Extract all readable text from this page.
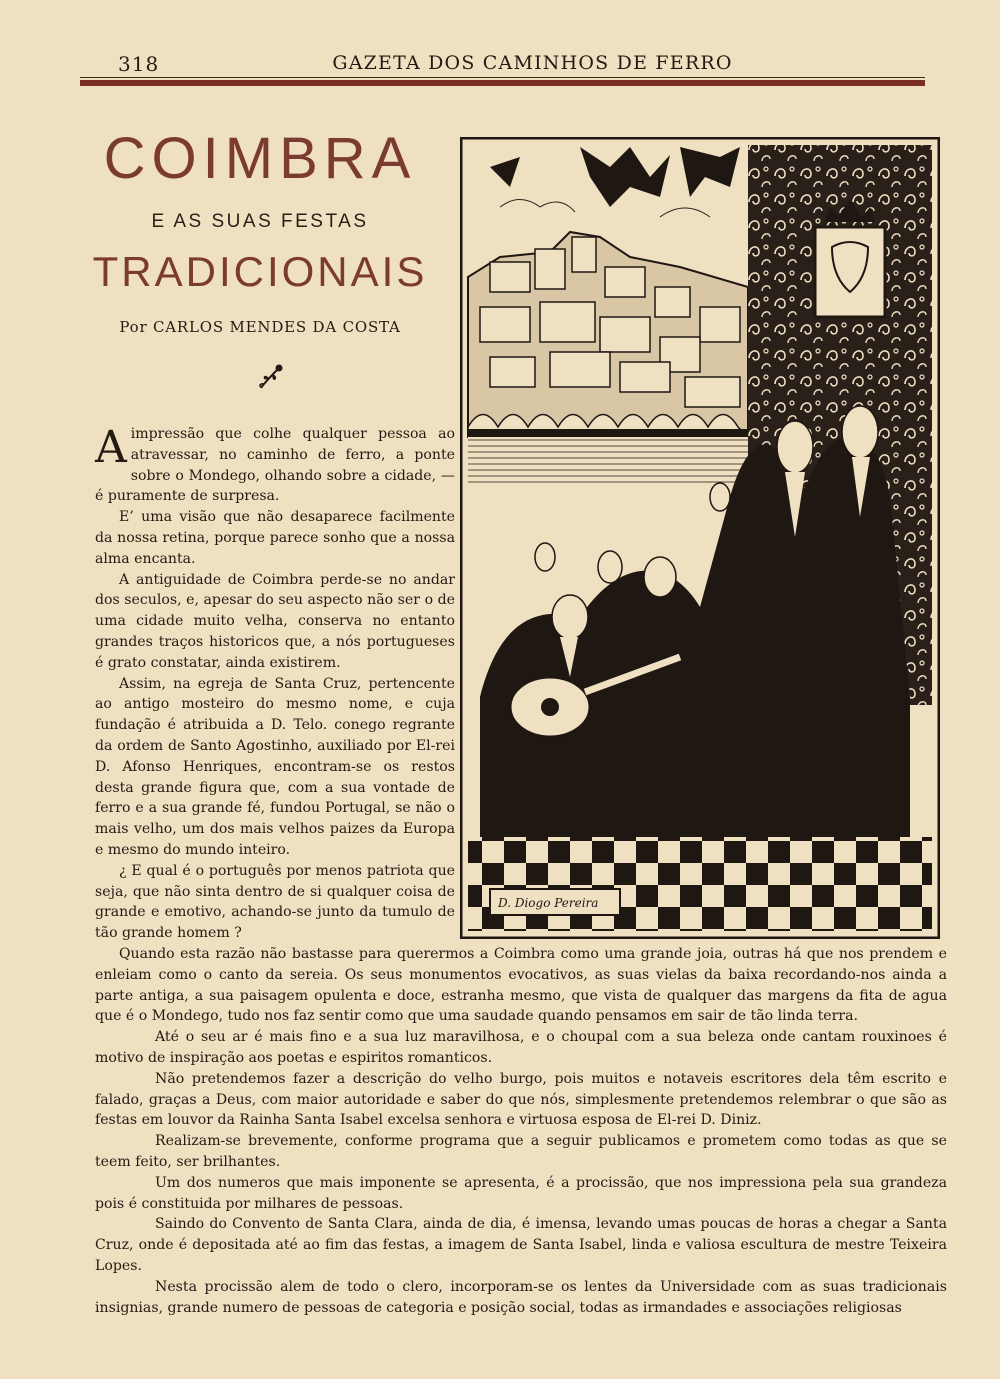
318	GAZETA DOS CAMINHOS DE FERRO
COIMBRA
E AS SUAS FESTAS
TRADICIONAIS
Por CARLOS MENDES DA COSTA
D. Diogo Pereira

Aimpressão que colhe qualquer pessoa ao atravessar, no caminho de ferro, a ponte sobre o Mondego, olhando sobre a cidade, — é puramente de surpresa.

E’ uma visão que não desaparece facilmente da nossa retina, porque parece sonho que a nossa alma encanta.

A antiguidade de Coimbra perde-se no andar dos seculos, e, apesar do seu aspecto não ser o de uma cidade muito velha, conserva no entanto grandes traços historicos que, a nós portugueses é grato constatar, ainda existirem.

Assim, na egreja de Santa Cruz, pertencente ao antigo mosteiro do mesmo nome, e cuja fundação é atribuida a D. Telo. conego regrante da ordem de Santo Agostinho, auxiliado por El-rei D. Afonso Henriques, encontram-se os restos desta grande figura que, com a sua vontade de ferro e a sua grande fé, fundou Portugal, se não o mais velho, um dos mais velhos paizes da Europa e mesmo do mundo inteiro.

¿ E qual é o português por menos patriota que seja, que não sinta dentro de si qualquer coisa de grande e emotivo, achando-se junto da tumulo de tão grande homem ?

Quando esta razão não bastasse para querermos a Coimbra como uma grande joia, outras há que nos prendem e enleiam como o canto da sereia. Os seus monumentos evocativos, as suas vielas da baixa recordando-nos ainda a parte antiga, a sua paisagem opulenta e doce, estranha mesmo, que vista de qualquer das margens da fita de agua que é o Mondego, tudo nos faz sentir como que uma saudade quando pensamos em sair de tão linda terra.

Até o seu ar é mais fino e a sua luz maravilhosa, e o choupal com a sua beleza onde cantam rouxinoes é motivo de inspiração aos poetas e espiritos romanticos.

Não pretendemos fazer a descrição do velho burgo, pois muitos e notaveis escritores dela têm escrito e falado, graças a Deus, com maior autoridade e saber do que nós, simplesmente pretendemos relembrar o que são as festas em louvor da Rainha Santa Isabel excelsa senhora e virtuosa esposa de El-rei D. Diniz.

Realizam-se brevemente, conforme programa que a seguir publicamos e prometem como todas as que se teem feito, ser brilhantes.

Um dos numeros que mais imponente se apresenta, é a procissão, que nos impressiona pela sua grandeza pois é constituida por milhares de pessoas.

Saindo do Convento de Santa Clara, ainda de dia, é imensa, levando umas poucas de horas a chegar a Santa Cruz, onde é depositada até ao fim das festas, a imagem de Santa Isabel, linda e valiosa escultura de mestre Teixeira Lopes.

Nesta procissão alem de todo o clero, incorporam-se os lentes da Universidade com as suas tradicionais insignias, grande numero de pessoas de categoria e posição social, todas as irmandades e associações religiosas
